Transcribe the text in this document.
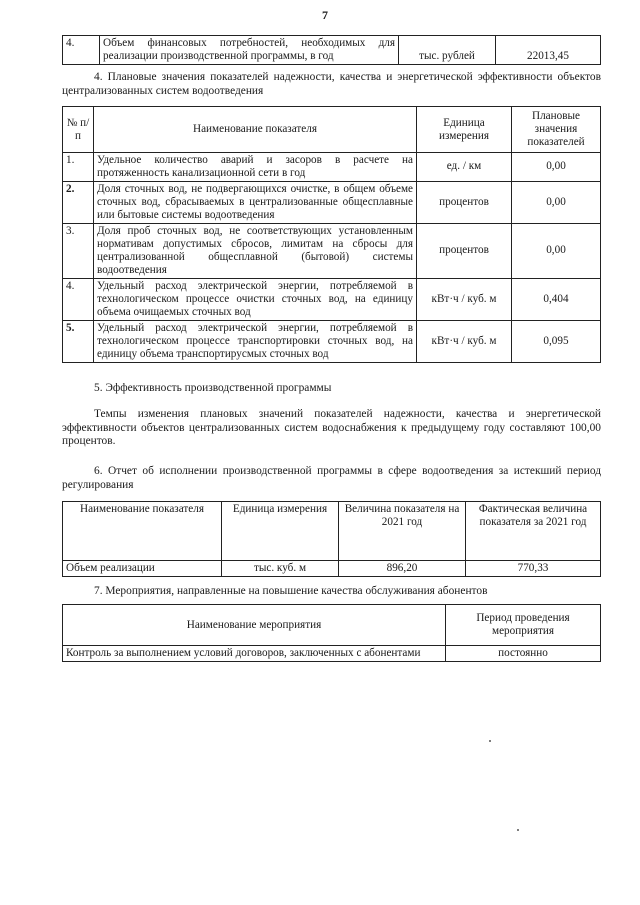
7
4.	Объем финансовых потребностей, необходимых для реализации производственной программы, в год	тыс. рублей	22013,45
4. Плановые значения показателей надежности, качества и энергетической эффективности объектов централизованных систем водоотведения
№ п/п	Наименование показателя	Единица измерения	Плановые значения показателей
1.	Удельное количество аварий и засоров в расчете на протяженность канализационной сети в год	ед. / км	0,00
2.	Доля сточных вод, не подвергающихся очистке, в общем объеме сточных вод, сбрасываемых в централизованные общесплавные или бытовые системы водоотведения	процентов	0,00
3.	Доля проб сточных вод, не соответствующих установленным нормативам допустимых сбросов, лимитам на сбросы для централизованной общесплавной (бытовой) системы водоотведения	процентов	0,00
4.	Удельный расход электрической энергии, потребляемой в технологическом процессе очистки сточных вод, на единицу объема очищаемых сточных вод	кВт·ч / куб. м	0,404
5.	Удельный расход электрической энергии, потребляемой в технологическом процессе транспортировки сточных вод, на единицу объема транспортирусмых сточных вод	кВт·ч / куб. м	0,095
5. Эффективность производственной программы
Темпы изменения плановых значений показателей надежности, качества и энергетической эффективности объектов централизованных систем водоснабжения к предыдущему году составляют 100,00 процентов.
6. Отчет об исполнении производственной программы в сфере водоотведения за истекший период регулирования
Наименование показателя	Единица измерения	Величина показателя на 2021 год	Фактическая величина показателя за 2021 год
Объем реализации	тыс. куб. м	896,20	770,33
7. Мероприятия, направленные на повышение качества обслуживания абонентов
Наименование мероприятия	Период проведения мероприятия
Контроль за выполнением условий договоров, заключенных с абонентами	постоянно
